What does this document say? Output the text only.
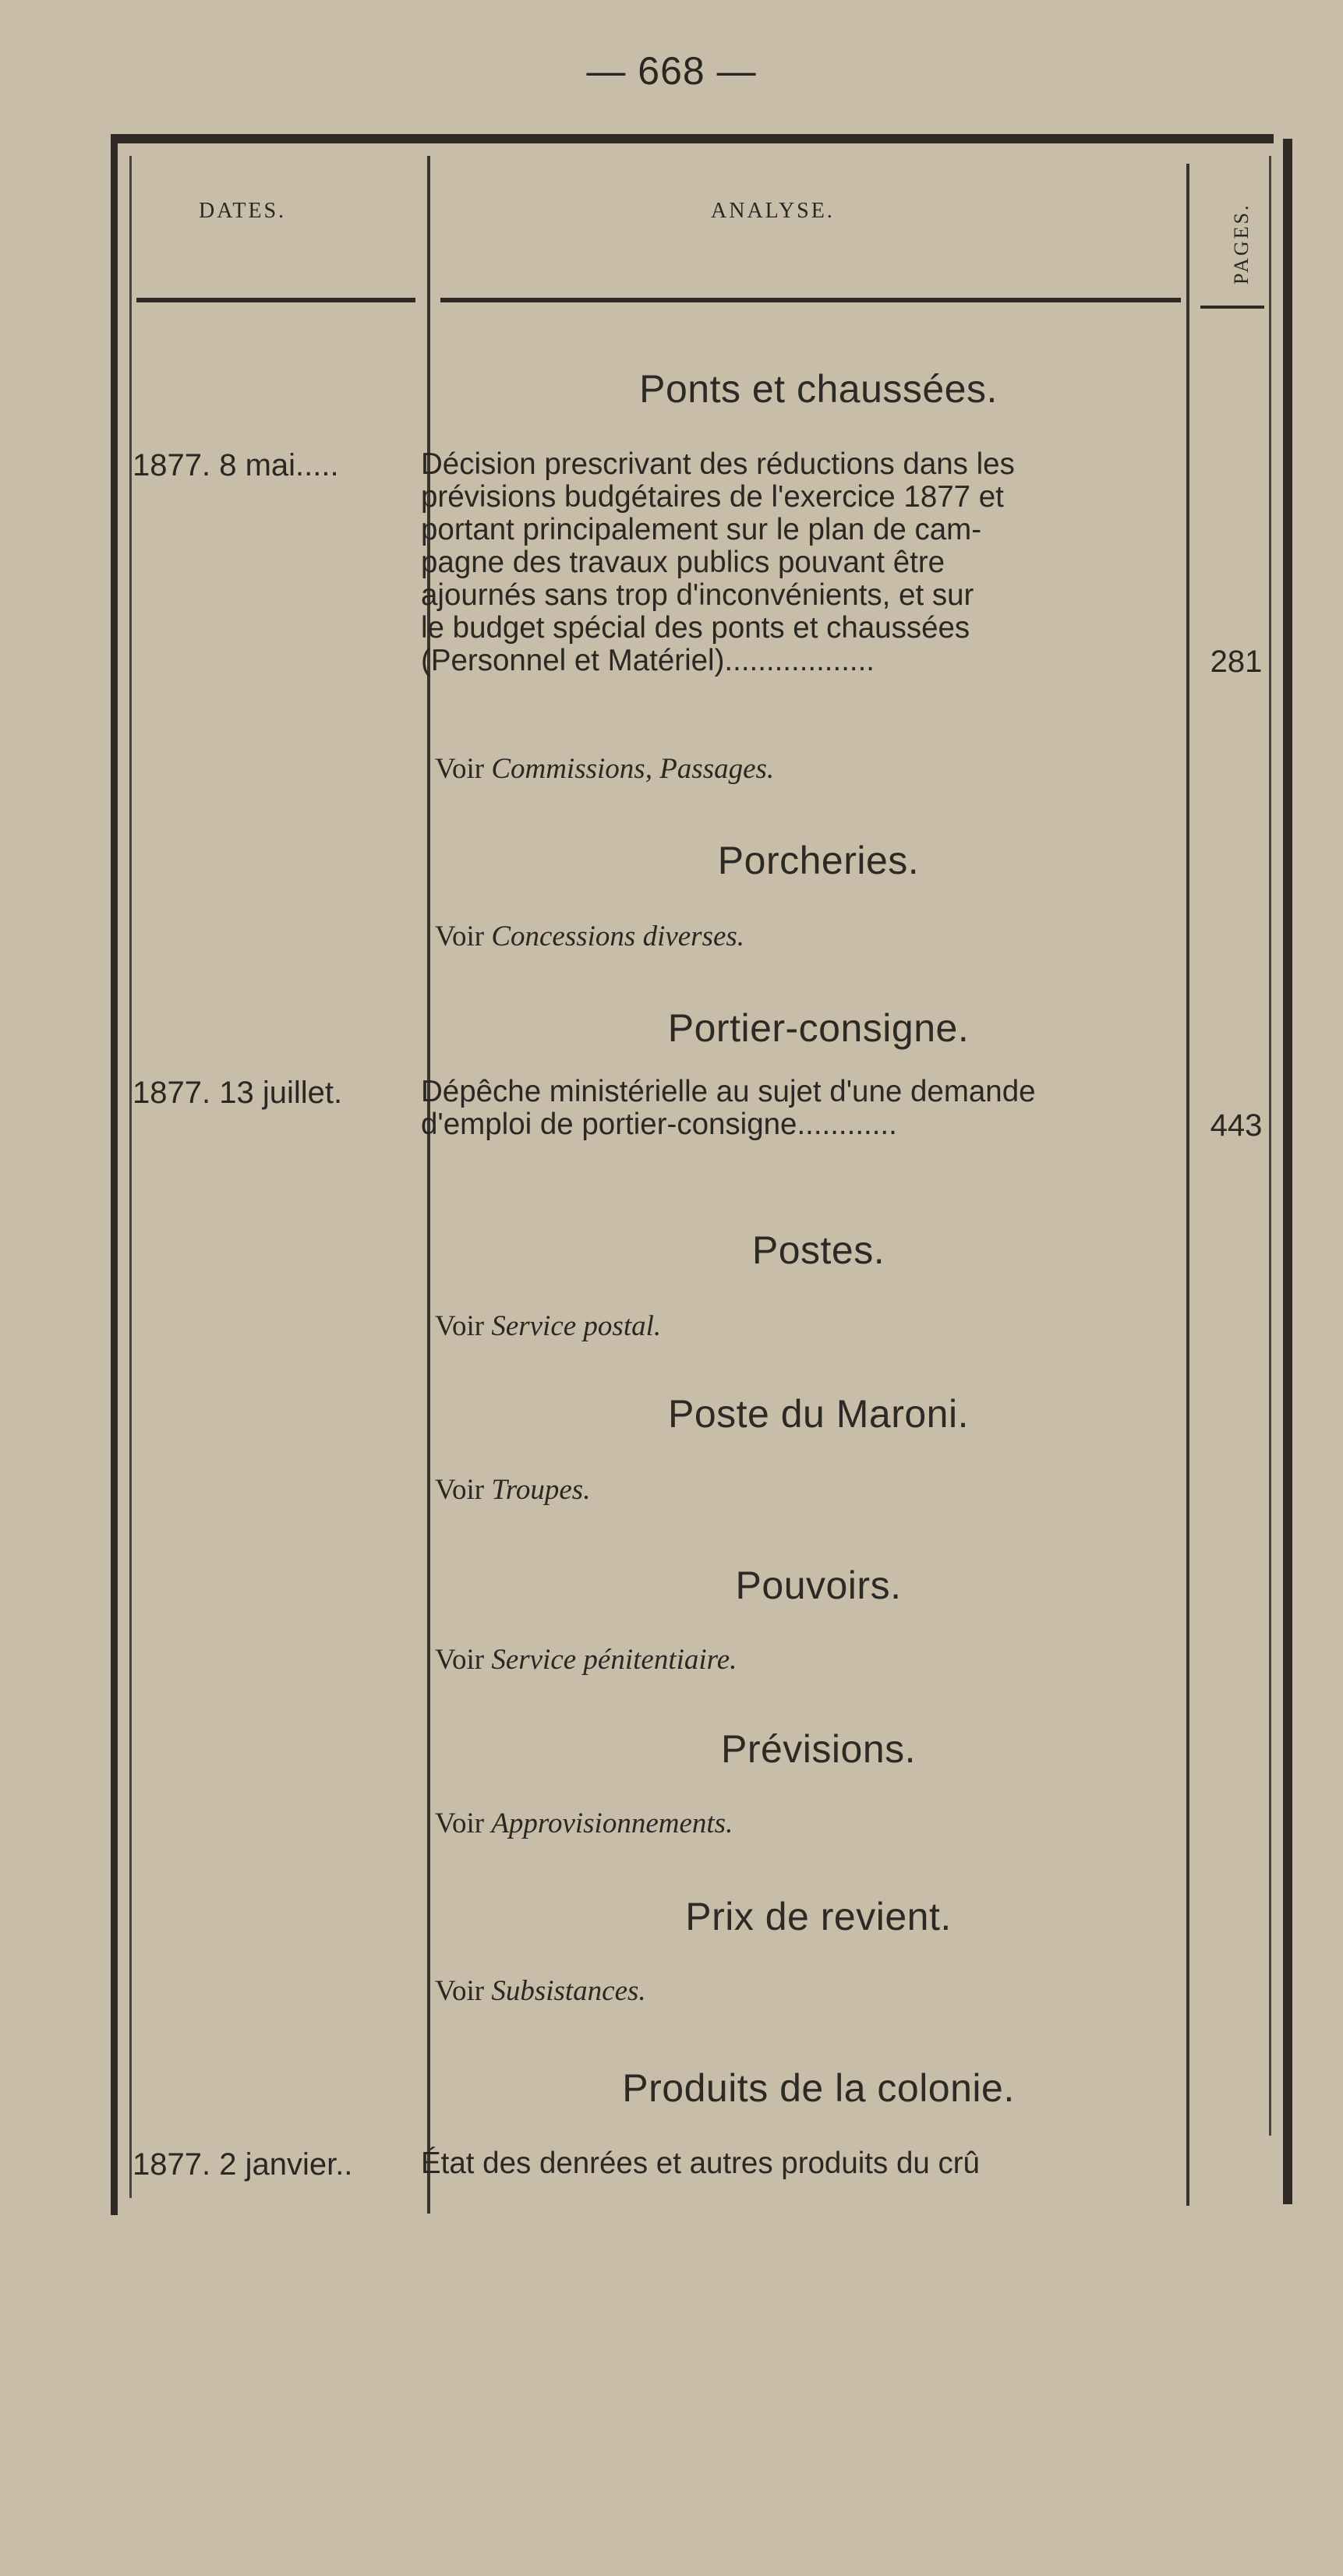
— 668 —
DATES.	ANALYSE.	PAGES.
Ponts et chaussées.
1877. 8 mai.....	Décision prescrivant des réductions dans les
prévisions budgétaires de l'exercice 1877 et
portant principalement sur le plan de cam-
pagne des travaux publics pouvant être
ajournés sans trop d'inconvénients, et sur
le budget spécial des ponts et chaussées
(Personnel et Matériel)..................	281
Voir Commissions, Passages.
Porcheries.
Voir Concessions diverses.
Portier-consigne.
1877. 13 juillet.	Dépêche ministérielle au sujet d'une demande
d'emploi de portier-consigne............	443
Postes.
Voir Service postal.
Poste du Maroni.
Voir Troupes.
Pouvoirs.
Voir Service pénitentiaire.
Prévisions.
Voir Approvisionnements.
Prix de revient.
Voir Subsistances.
Produits de la colonie.
1877. 2 janvier..	État des denrées et autres produits du crû
